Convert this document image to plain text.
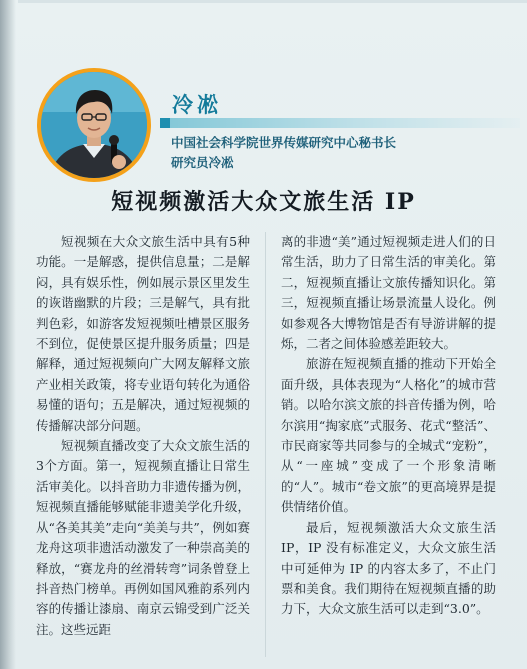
冷凇
中国社会科学院世界传媒研究中心秘书长
研究员冷凇
短视频激活大众文旅生活 IP

短视频在大众文旅生活中具有5种功能。一是解惑，提供信息量；二是解闷，具有娱乐性，例如展示景区里发生的诙谐幽默的片段；三是解气，具有批判色彩，如游客发短视频吐槽景区服务不到位，促使景区提升服务质量；四是解释，通过短视频向广大网友解释文旅产业相关政策，将专业语句转化为通俗易懂的语句；五是解决，通过短视频的传播解决部分问题。

短视频直播改变了大众文旅生活的3个方面。第一，短视频直播让日常生活审美化。以抖音助力非遗传播为例，短视频直播能够赋能非遗美学化升级，从“各美其美”走向“美美与共”，例如赛龙舟这项非遗活动激发了一种崇高美的释放，“赛龙舟的丝滑转弯”词条曾登上抖音热门榜单。再例如国风雅韵系列内容的传播让漆扇、南京云锦受到广泛关注。这些远距

离的非遗“美”通过短视频走进人们的日常生活，助力了日常生活的审美化。第二，短视频直播让文旅传播知识化。第三，短视频直播让场景流量人设化。例如参观各大博物馆是否有导游讲解的提烁，二者之间体验感差距较大。

旅游在短视频直播的推动下开始全面升级，具体表现为“人格化”的城市营销。以哈尔滨文旅的抖音传播为例，哈尔滨用“掏家底”式服务、花式“整活”、市民商家等共同参与的全城式“宠粉”，从“一座城”变成了一个形象清晰的“人”。城市“卷文旅”的更高境界是提供情绪价值。

最后，短视频激活大众文旅生活 IP，IP 没有标准定义，大众文旅生活中可延伸为 IP 的内容太多了，不止门票和美食。我们期待在短视频直播的助力下，大众文旅生活可以走到“3.0”。
